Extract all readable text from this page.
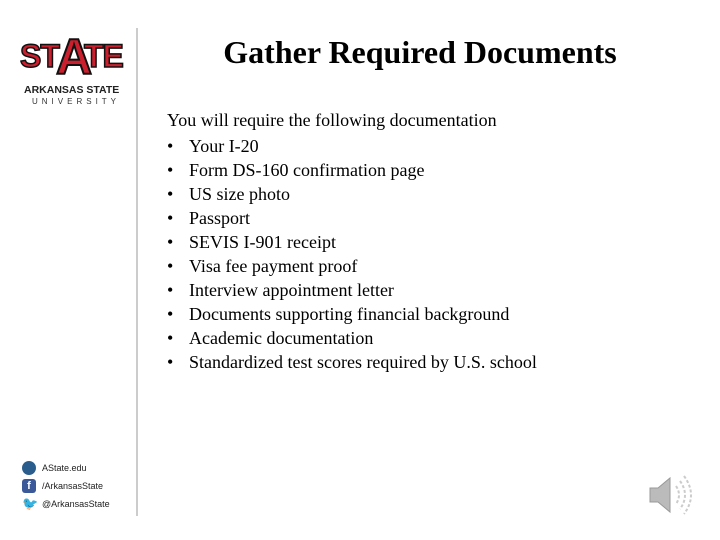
ST
A
TE
ARKANSAS STATE
UNIVERSITY
Gather Required Documents
You will require the following documentation
• Your I-20
• Form DS-160 confirmation page
• US size photo
• Passport
• SEVIS I-901 receipt
• Visa fee payment proof
• Interview appointment letter
• Documents supporting financial background
• Academic documentation
• Standardized test scores required by U.S. school
AState.edu
f	/ArkansasState
🐦 @ArkansasState
